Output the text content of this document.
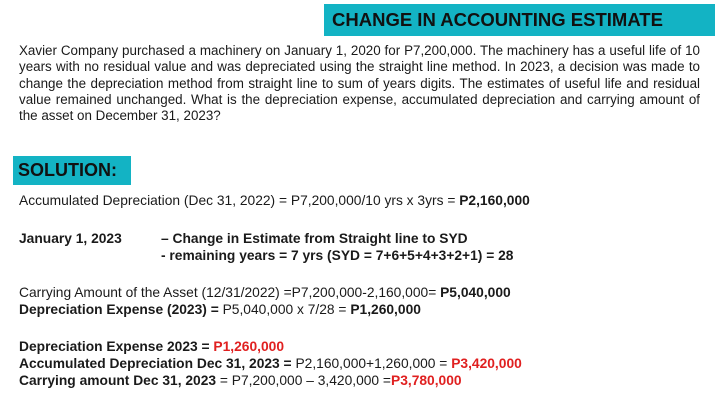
CHANGE IN ACCOUNTING ESTIMATE
Xavier Company purchased a machinery on January 1, 2020 for P7,200,000. The machinery has a useful life of 10 years with no residual value and was depreciated using the straight line method. In 2023, a decision was made to change the depreciation method from straight line to sum of years digits. The estimates of useful life and residual value remained unchanged. What is the depreciation expense, accumulated depreciation and carrying amount of the asset on December 31, 2023?
SOLUTION:
Accumulated Depreciation (Dec 31, 2022) = P7,200,000/10 yrs x 3yrs = P2,160,000
January 1, 2023	– Change in Estimate from Straight line to SYD
- remaining years = 7 yrs (SYD = 7+6+5+4+3+2+1) = 28
Carrying Amount of the Asset (12/31/2022) =P7,200,000-2,160,000= P5,040,000
Depreciation Expense (2023) = P5,040,000 x 7/28 = P1,260,000
Depreciation Expense 2023 = P1,260,000
Accumulated Depreciation Dec 31, 2023 = P2,160,000+1,260,000 = P3,420,000
Carrying amount Dec 31, 2023 = P7,200,000 – 3,420,000 =P3,780,000
